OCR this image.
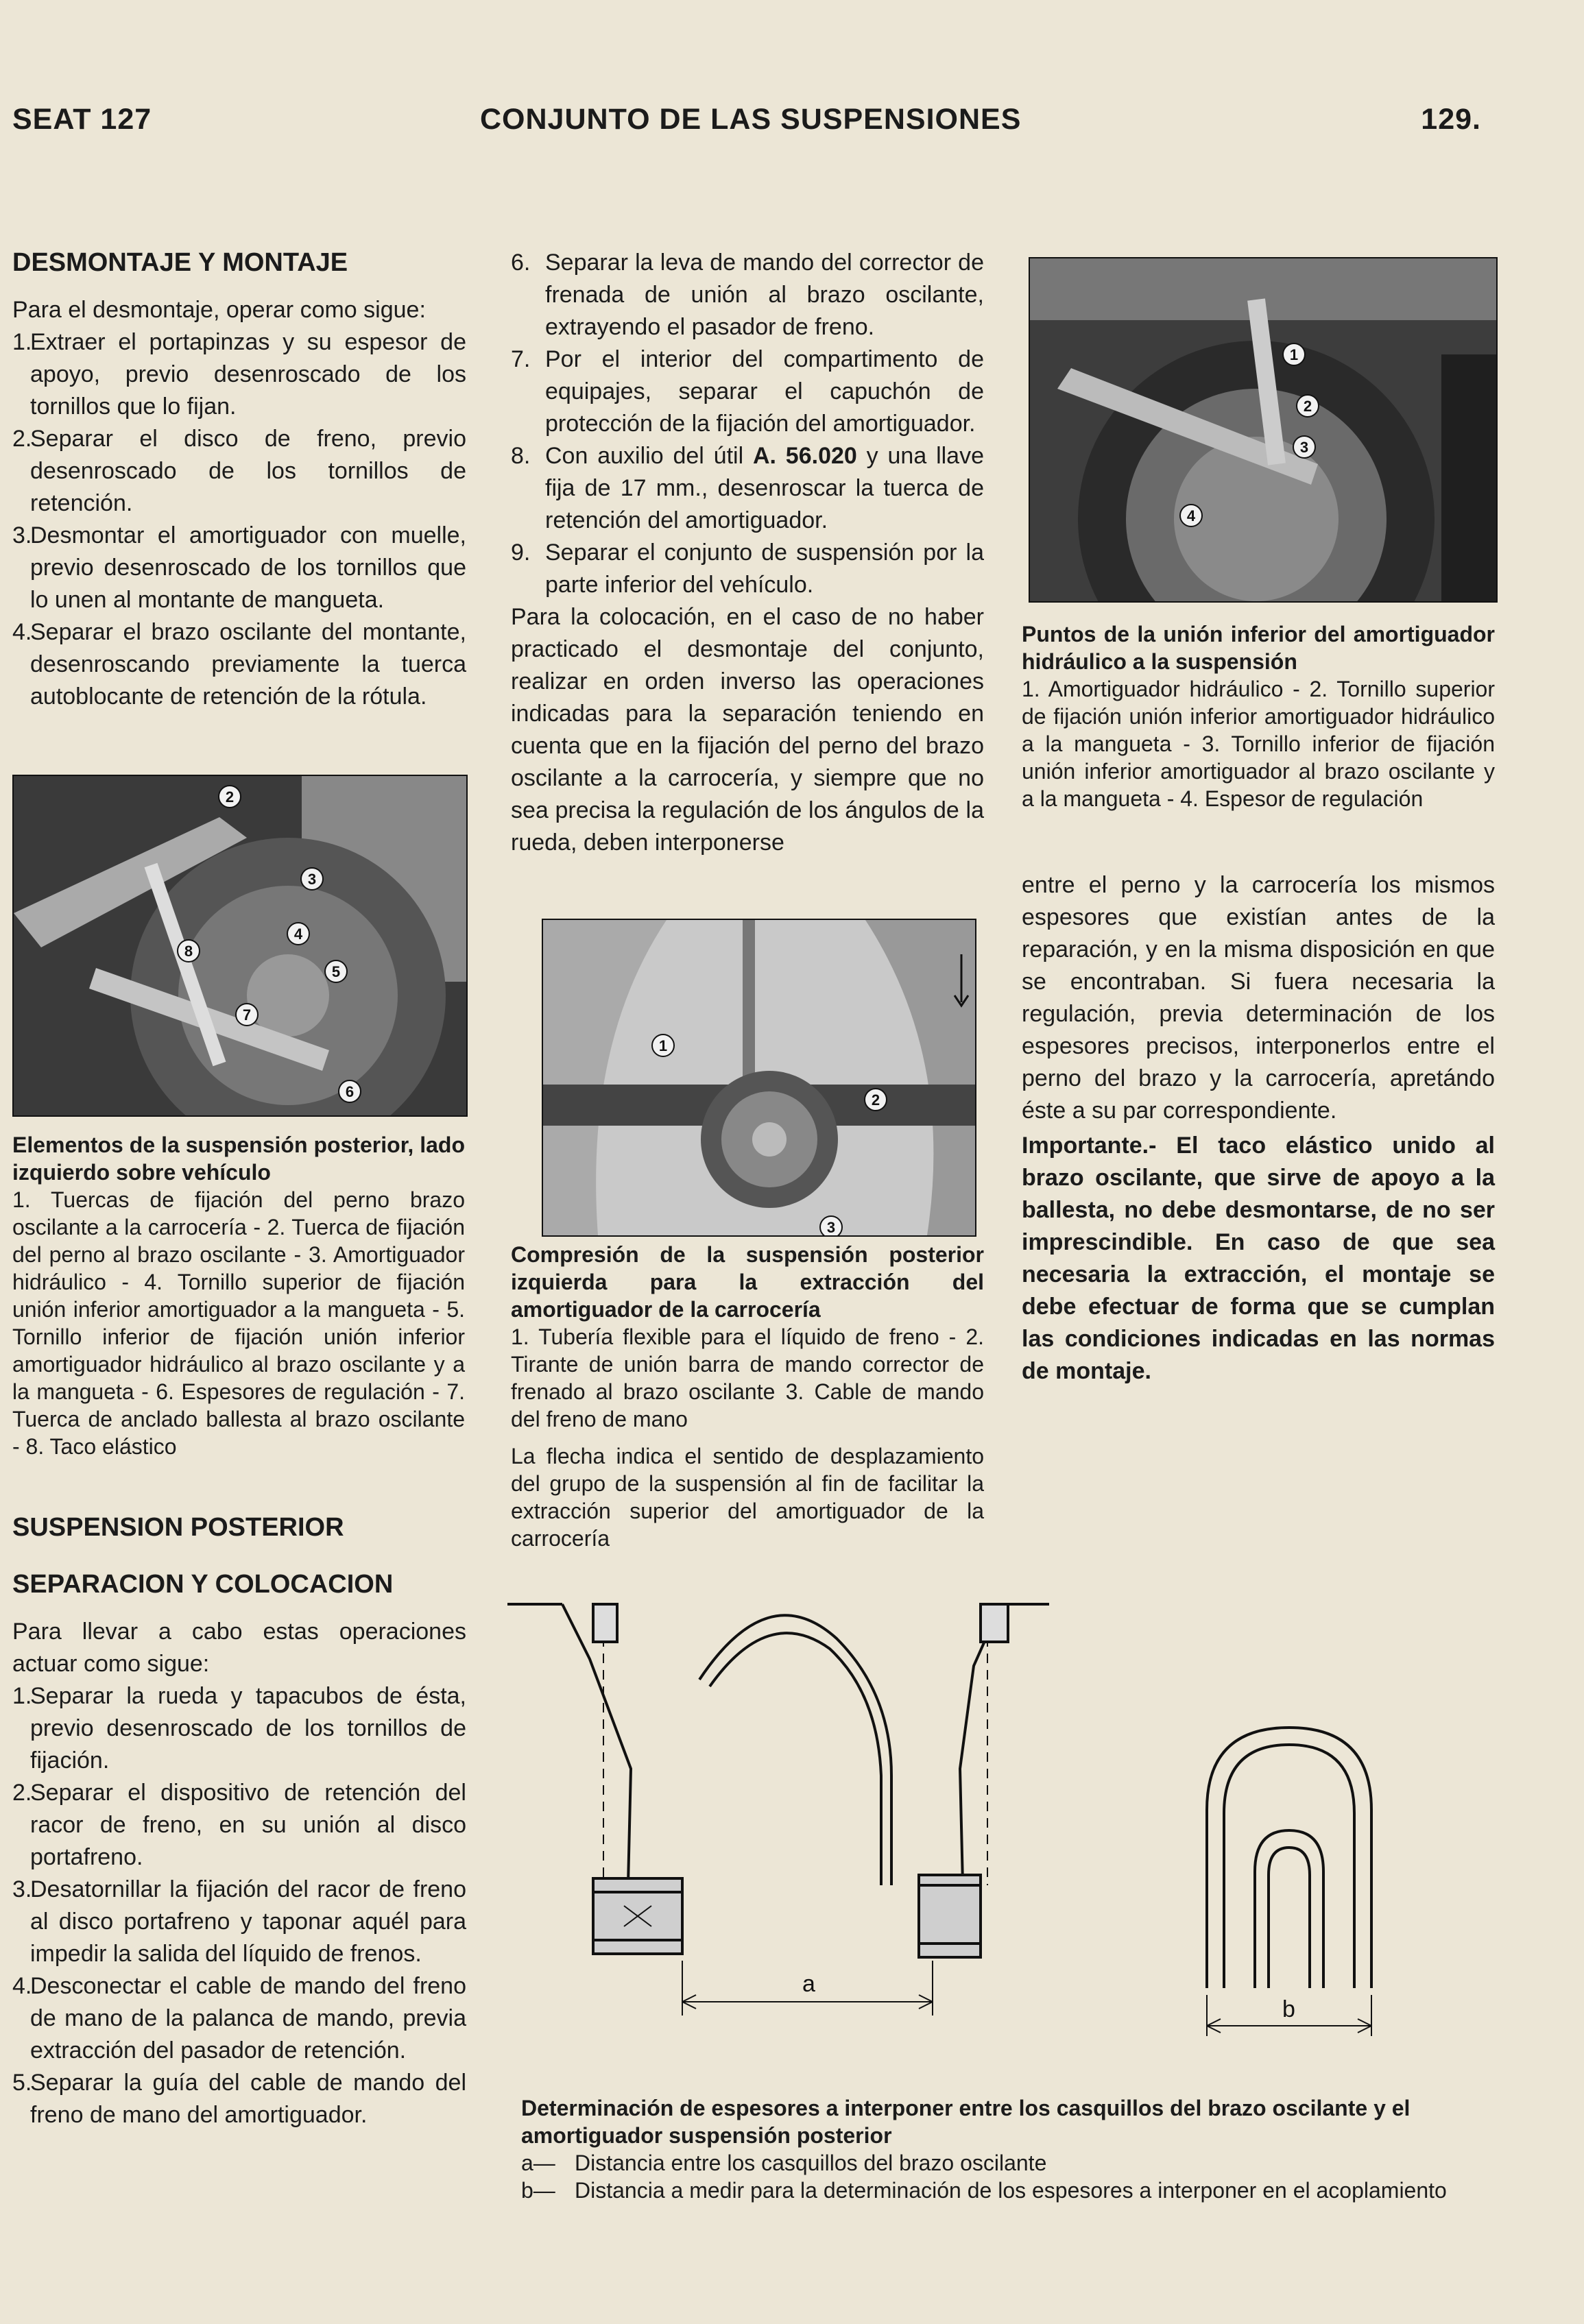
SEAT 127	CONJUNTO DE LAS SUSPENSIONES	129.
DESMONTAJE Y MONTAJE

Para el desmontaje, operar como sigue:

1.
Extraer el portapinzas y su espesor de apoyo, previo desenroscado de los tornillos que lo fijan.
2.
Separar el disco de freno, previo desenroscado de los tornillos de retención.
3.
Desmontar el amortiguador con muelle, previo desenroscado de los tornillos que lo unen al montante de mangueta.
4.
Separar el brazo oscilante del montante, desenroscando previamente la tuerca autoblocante de retención de la rótula.
2
3
4
8
5
7
6
Elementos de la suspensión posterior, lado izquierdo sobre vehículo
1. Tuercas de fijación del perno brazo oscilante a la carrocería - 2. Tuerca de fijación del perno al brazo oscilante - 3. Amortiguador hidráulico - 4. Tornillo superior de fijación unión inferior amortiguador a la mangueta - 5. Tornillo inferior de fijación unión inferior amortiguador hidráulico al brazo oscilante y a la mangueta - 6. Espesores de regulación - 7. Tuerca de anclado ballesta al brazo oscilante - 8. Taco elástico
SUSPENSION POSTERIOR
SEPARACION Y COLOCACION

Para llevar a cabo estas operaciones actuar como sigue:

1.
Separar la rueda y tapacubos de ésta, previo desenroscado de los tornillos de fijación.
2.
Separar el dispositivo de retención del racor de freno, en su unión al disco portafreno.
3.
Desatornillar la fijación del racor de freno al disco portafreno y taponar aquél para impedir la salida del líquido de frenos.
4.
Desconectar el cable de mando del freno de mano de la palanca de mando, previa extracción del pasador de retención.
5.
Separar la guía del cable de mando del freno de mano del amortiguador.
6. Separar la leva de mando del corrector de frenada de unión al brazo oscilante, extrayendo el pasador de freno.
7. Por el interior del compartimento de equipajes, separar el capuchón de protección de la fijación del amortiguador.
8. Con auxilio del útil A. 56.020 y una llave fija de 17 mm., desenroscar la tuerca de retención del amortiguador.
9. Separar el conjunto de suspensión por la parte inferior del vehículo.

Para la colocación, en el caso de no haber practicado el desmontaje del conjunto, realizar en orden inverso las operaciones indicadas para la separación teniendo en cuenta que en la fijación del perno del brazo oscilante a la carrocería, y siempre que no sea precisa la regulación de los ángulos de la rueda, deben interponerse

1
2
3
Compresión de la suspensión posterior izquierda para la extracción del amortiguador de la carrocería
1. Tubería flexible para el líquido de freno - 2. Tirante de unión barra de mando corrector de frenado al brazo oscilante 3. Cable de mando del freno de mano
La flecha indica el sentido de desplazamiento del grupo de la suspensión al fin de facilitar la extracción superior del amortiguador de la carrocería
1
2
3
4
Puntos de la unión inferior del amortiguador hidráulico a la suspensión
1. Amortiguador hidráulico - 2. Tornillo superior de fijación unión inferior amortiguador hidráulico a la mangueta - 3. Tornillo inferior de fijación unión inferior amortiguador al brazo oscilante y a la mangueta - 4. Espesor de regulación

entre el perno y la carrocería los mismos espesores que existían antes de la reparación, y en la misma disposición en que se encontraban. Si fuera necesaria la regulación, previa determinación de los espesores precisos, interponerlos entre el perno del brazo y la carrocería, apretándo éste a su par correspondiente.

Importante.- El taco elástico unido al brazo oscilante, que sirve de apoyo a la ballesta, no debe desmontarse, de no ser imprescindible. En caso de que sea necesaria la extracción, el montaje se debe efectuar de forma que se cumplan las condiciones indicadas en las normas de montaje.

a
b
Determinación de espesores a interponer entre los casquillos del brazo oscilante y el amortiguador suspensión posterior
a— Distancia entre los casquillos del brazo oscilante
b— Distancia a medir para la determinación de los espesores a interponer en el acoplamiento
